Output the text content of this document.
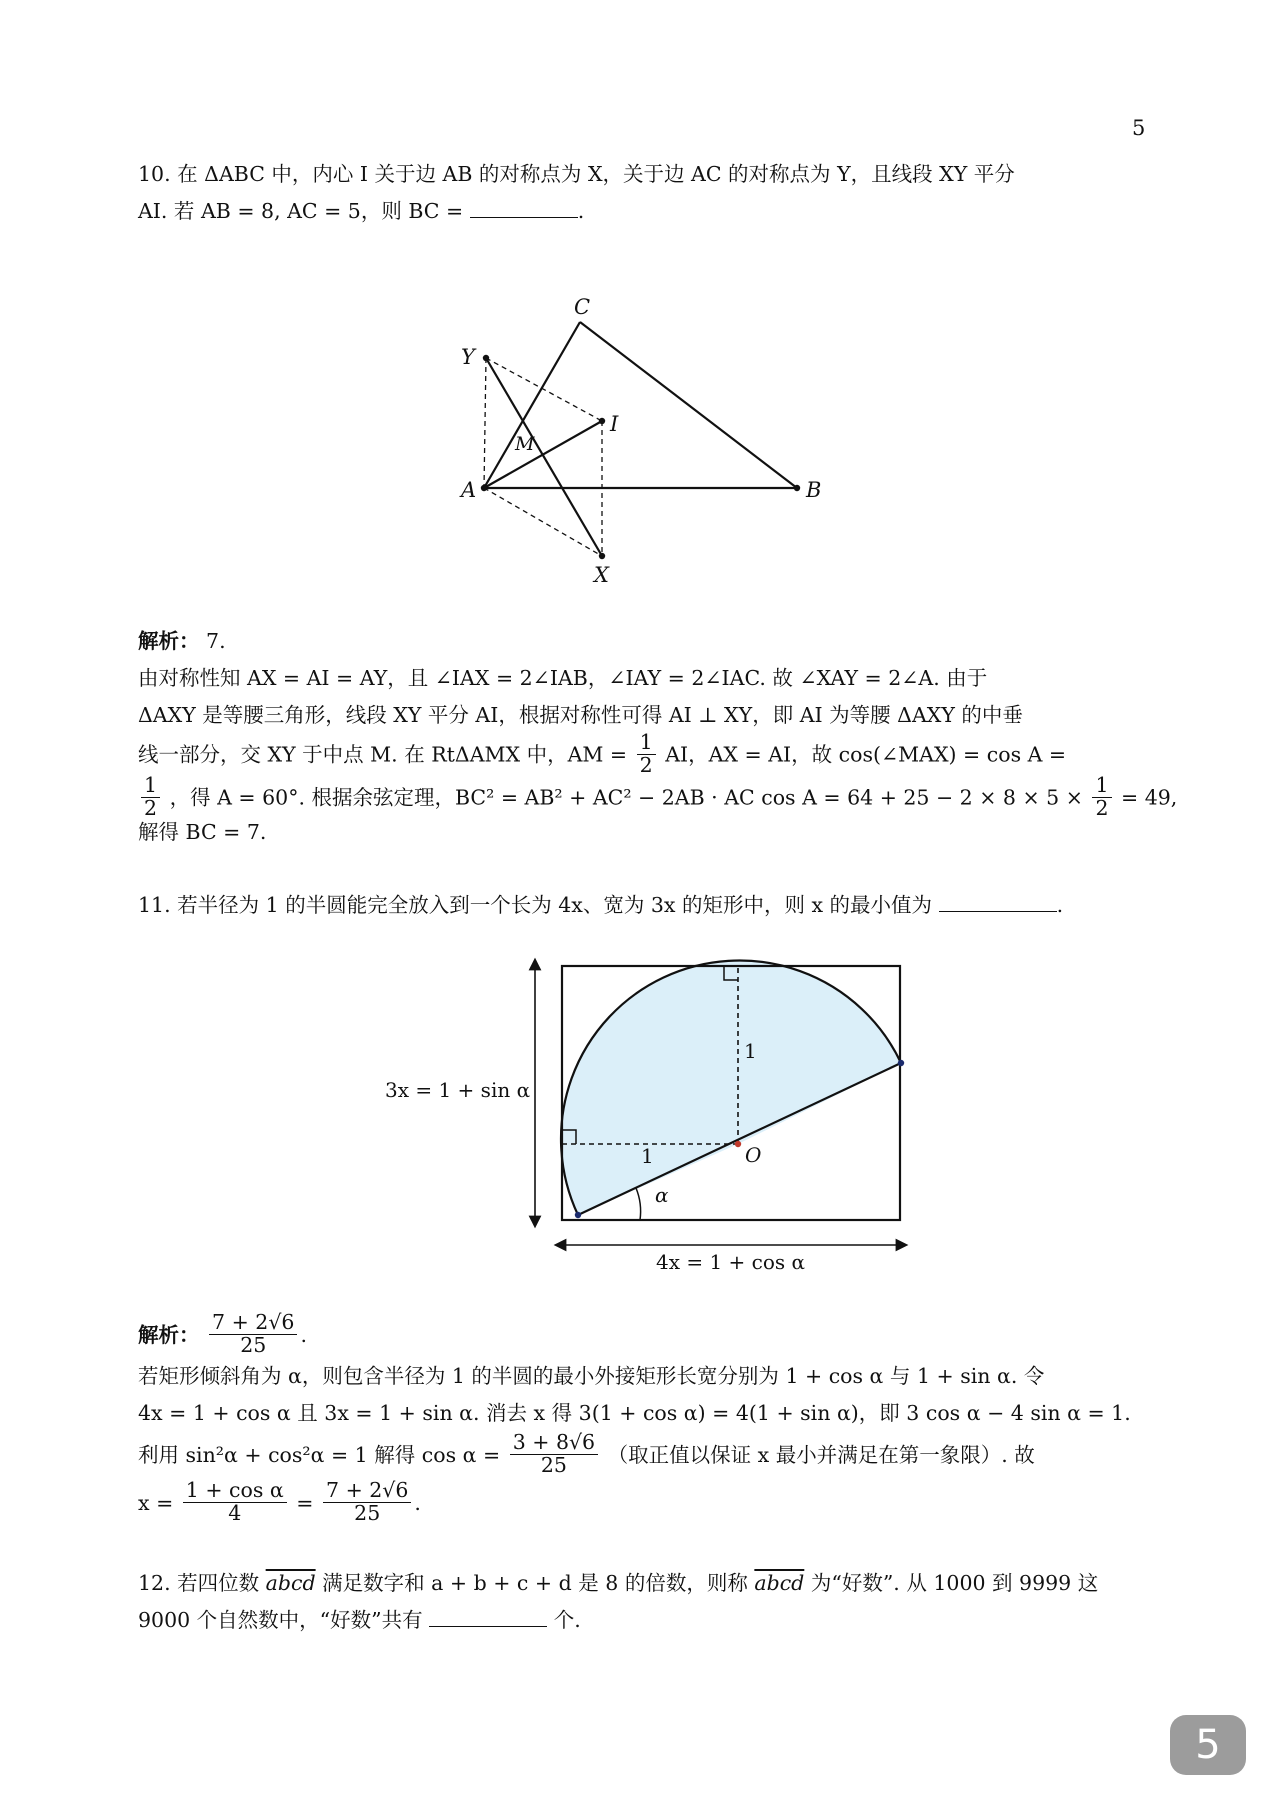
5
10. 在 ΔABC 中，内心 I 关于边 AB 的对称点为 X，关于边 AC 的对称点为 Y，且线段 XY 平分
AI. 若 AB = 8, AC = 5，则 BC =	.
C
Y
I
M
A	B
X
解析： 7.
由对称性知 AX = AI = AY，且 ∠IAX = 2∠IAB，∠IAY = 2∠IAC. 故 ∠XAY = 2∠A. 由于
ΔAXY 是等腰三角形，线段 XY 平分 AI，根据对称性可得 AI ⊥ XY，即 AI 为等腰 ΔAXY 的中垂
线一部分，交 XY 于中点 M. 在 RtΔAMX 中，AM = $\frac{1}{2}$ AI，AX = AI，故 cos(∠MAX) = cos A =
$\frac{1}{2}$ ，得 A = 60°. 根据余弦定理，BC² = AB² + AC² − 2AB · AC $\cos A = 64 + 25 - 2 \times 8 \times 5 \times \frac{1}{2} = 49$,
解得 BC = 7.
11. 若半径为 1 的半圆能完全放入到一个长为 4x、宽为 3x 的矩形中，则 x 的最小值为	.
3x = 1 + sin α
4x = 1 + cos α
1
1	O
α
解析： $\frac{7 + 2√6}{25}$ .
若矩形倾斜角为 α，则包含半径为 1 的半圆的最小外接矩形长宽分别为 1 + cos α 与 1 + sin α. 令
4x = 1 + cos α 且 3x = 1 + sin α. 消去 x 得 3(1 + cos α) = 4(1 + sin α)，即 3 cos α − 4 sin α = 1.
利用 sin²α + cos²α = 1 解得 $\cos \alpha = \frac{3 + 8√6}{25}$ （取正值以保证 x 最小并满足在第一象限）. 故
$x = \frac{\text{1 + cos α}}{4} = \frac{7 + 2√6}{25}$ .
12. 若四位数 abcd 满足数字和 a + b + c + d 是 8 的倍数，则称 abcd 为“好数”. 从 1000 到 9999 这
9000 个自然数中，“好数”共有	个.
5
